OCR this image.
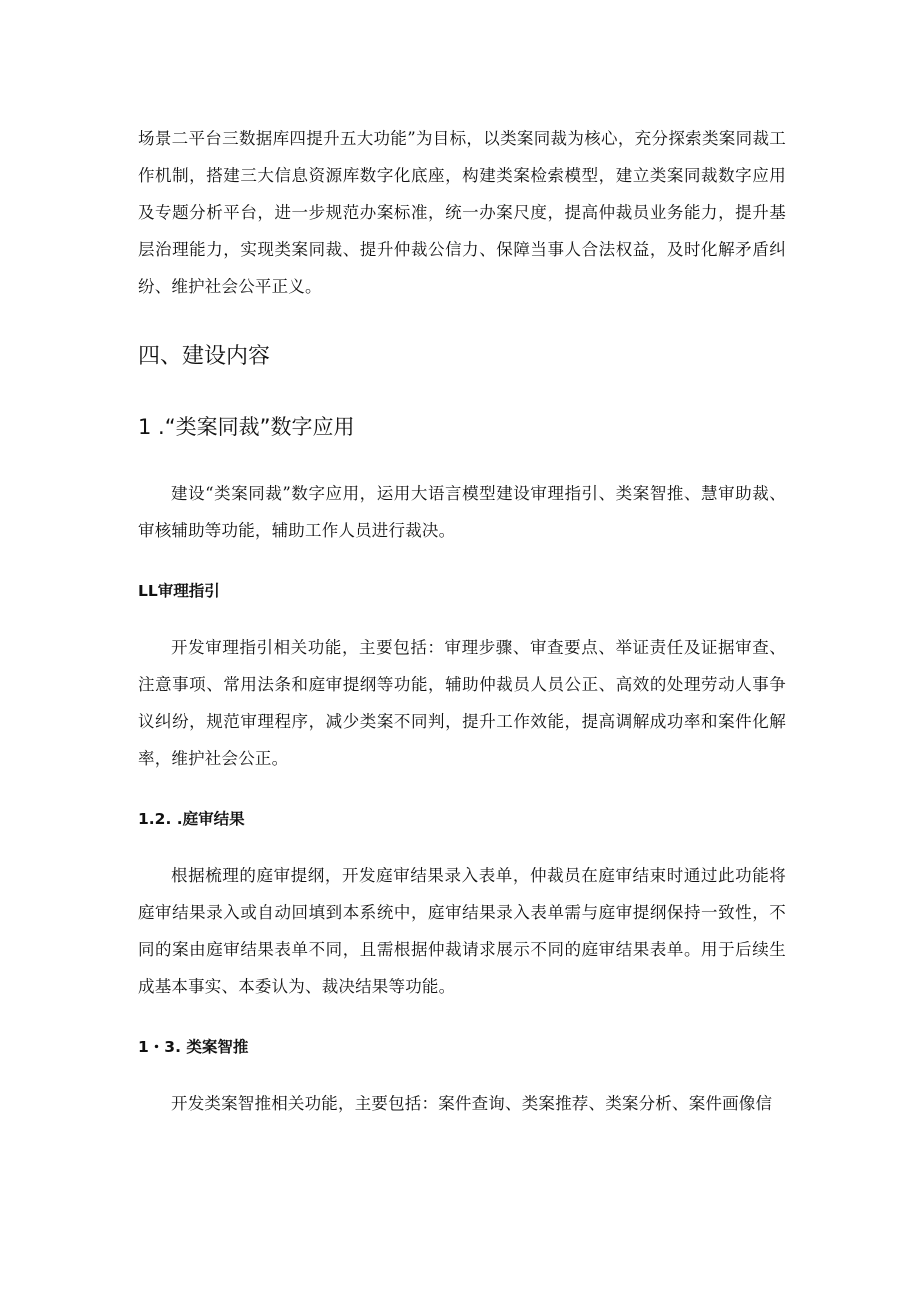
场景二平台三数据库四提升五大功能”为目标，以类案同裁为核心，充分探索类案同裁工作机制，搭建三大信息资源库数字化底座，构建类案检索模型，建立类案同裁数字应用及专题分析平台，进一步规范办案标准，统一办案尺度，提高仲裁员业务能力，提升基层治理能力，实现类案同裁、提升仲裁公信力、保障当事人合法权益，及时化解矛盾纠纷、维护社会公平正义。

四、建设内容
1 .“类案同裁”数字应用

建设“类案同裁”数字应用，运用大语言模型建设审理指引、类案智推、慧审助裁、审核辅助等功能，辅助工作人员进行裁决。

LL审理指引

开发审理指引相关功能，主要包括：审理步骤、审查要点、举证责任及证据审查、注意事项、常用法条和庭审提纲等功能，辅助仲裁员人员公正、高效的处理劳动人事争议纠纷，规范审理程序，减少类案不同判，提升工作效能，提高调解成功率和案件化解率，维护社会公正。

1.2. .庭审结果

根据梳理的庭审提纲，开发庭审结果录入表单，仲裁员在庭审结束时通过此功能将庭审结果录入或自动回填到本系统中，庭审结果录入表单需与庭审提纲保持一致性，不同的案由庭审结果表单不同，且需根据仲裁请求展示不同的庭审结果表单。用于后续生成基本事实、本委认为、裁决结果等功能。

1・3. 类案智推

开发类案智推相关功能，主要包括：案件查询、类案推荐、类案分析、案件画像信
